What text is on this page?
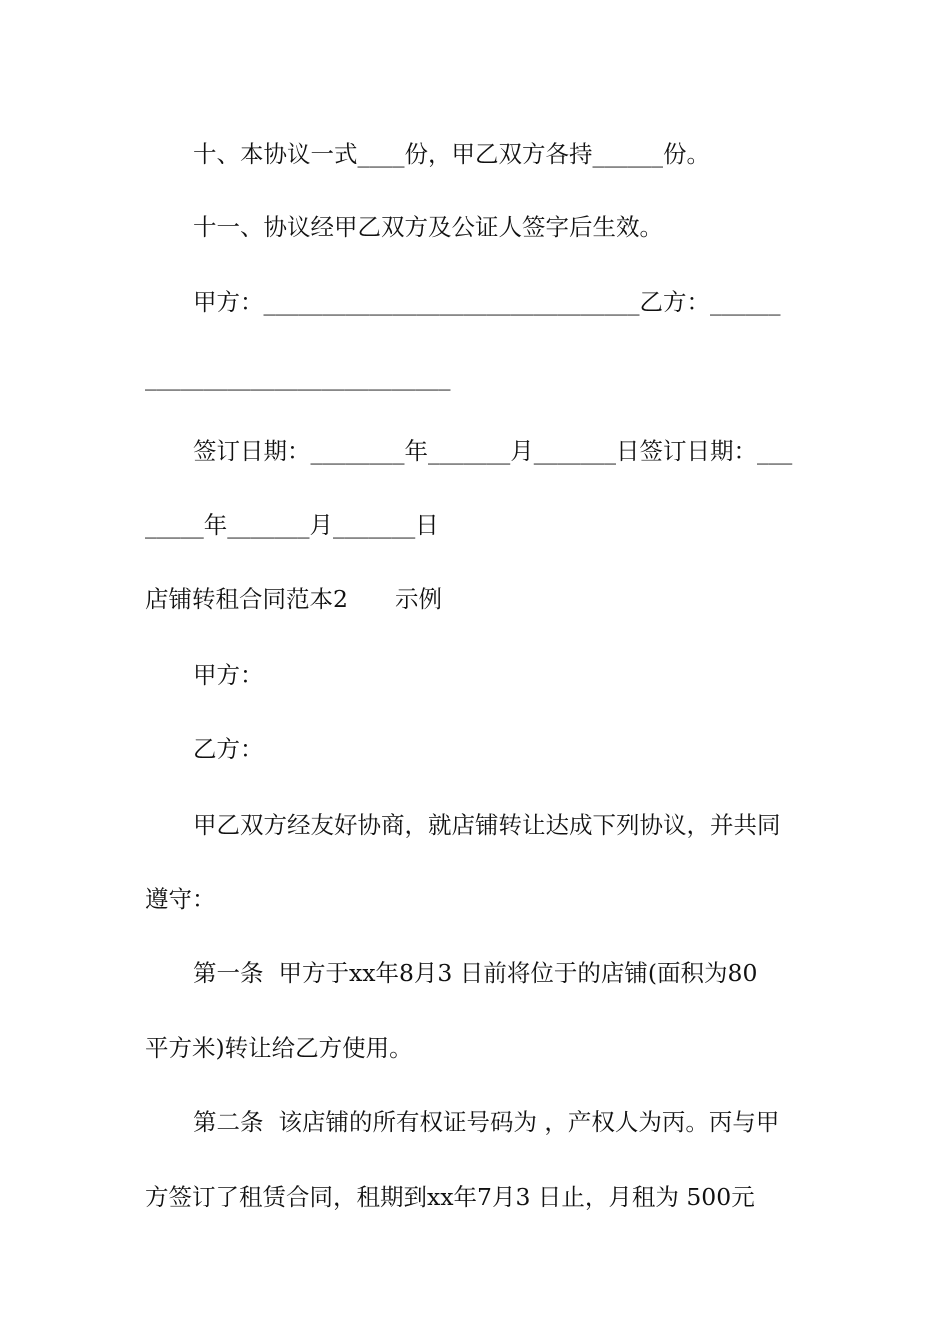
十、本协议一式____份，甲乙双方各持______份。
十一、协议经甲乙双方及公证人签字后生效。
甲方：________________________________乙方：______
__________________________
签订日期：________年_______月_______日签订日期：___
_____年_______月_______日
店铺转租合同范本2　　示例
甲方：
乙方：
甲乙双方经友好协商，就店铺转让达成下列协议，并共同
遵守：
第一条  甲方于xx年8月3 日前将位于的店铺(面积为80
平方米)转让给乙方使用。
第二条  该店铺的所有权证号码为 ，产权人为丙。丙与甲
方签订了租赁合同，租期到xx年7月3 日止，月租为 500元
